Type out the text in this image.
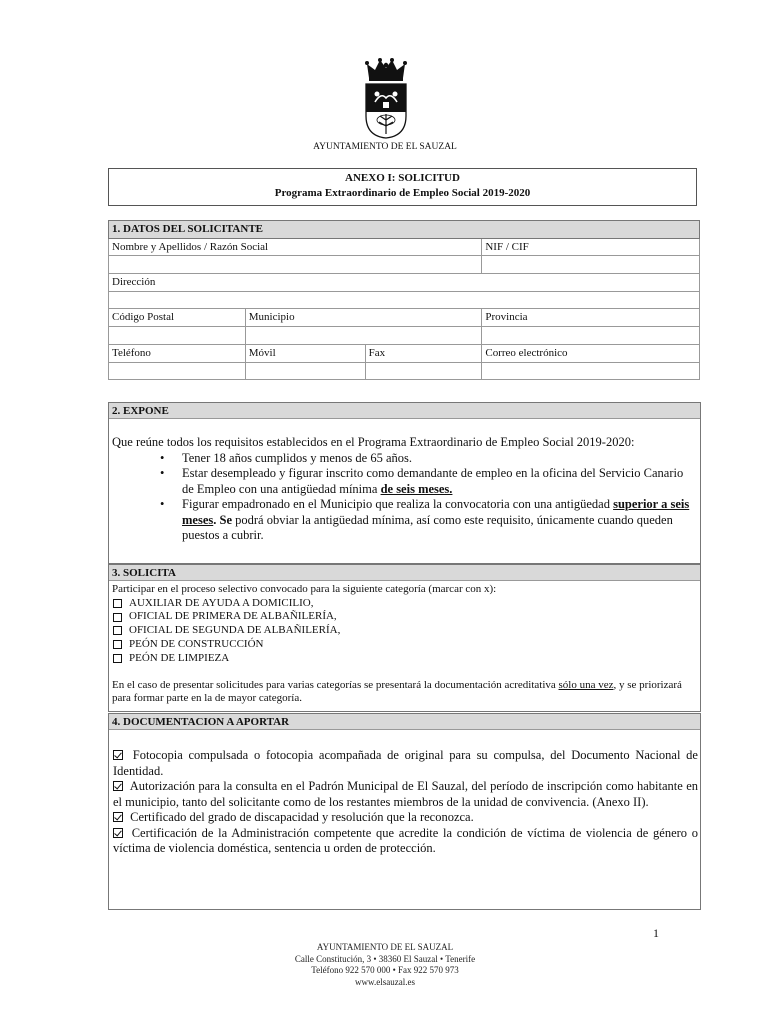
AYUNTAMIENTO DE EL SAUZAL
ANEXO I: SOLICITUD
Programa Extraordinario de Empleo Social 2019-2020
1. DATOS DEL SOLICITANTE			
Nombre y Apellidos / Razón Social			NIF / CIF

Dirección			

Código Postal	Municipio		Provincia

Teléfono	Móvil	Fax	Correo electrónico

2. EXPONE

Que reúne todos los requisitos establecidos en el Programa Extraordinario de Empleo Social 2019-2020:

• Tener 18 años cumplidos y menos de 65 años.
• Estar desempleado y figurar inscrito como demandante de empleo en la oficina del Servicio Canario de Empleo con una antigüedad mínima de seis meses.
• Figurar empadronado en el Municipio que realiza la convocatoria con una antigüedad superior a seis meses. Se podrá obviar la antigüedad mínima, así como este requisito, únicamente cuando queden puestos a cubrir.
3. SOLICITA

Participar en el proceso selectivo convocado para la siguiente categoría (marcar con x):

AUXILIAR DE AYUDA A DOMICILIO,
OFICIAL DE PRIMERA DE ALBAÑILERÍA,
OFICIAL DE SEGUNDA DE ALBAÑILERÍA,
PEÓN DE CONSTRUCCIÓN
PEÓN DE LIMPIEZA

En el caso de presentar solicitudes para varias categorías se presentará la documentación acreditativa sólo una vez, y se priorizará para formar parte en la de mayor categoría.

4. DOCUMENTACION A APORTAR

Fotocopia compulsada o fotocopia acompañada de original para su compulsa, del Documento Nacional de Identidad.

Autorización para la consulta en el Padrón Municipal de El Sauzal, del período de inscripción como habitante en el municipio, tanto del solicitante como de los restantes miembros de la unidad de convivencia. (Anexo II).

Certificado del grado de discapacidad y resolución que la reconozca.

Certificación de la Administración competente que acredite la condición de víctima de violencia de género o víctima de violencia doméstica, sentencia u orden de protección.

1
AYUNTAMIENTO DE EL SAUZAL
Calle Constitución, 3 • 38360 El Sauzal • Tenerife
Teléfono 922 570 000 • Fax 922 570 973
www.elsauzal.es
